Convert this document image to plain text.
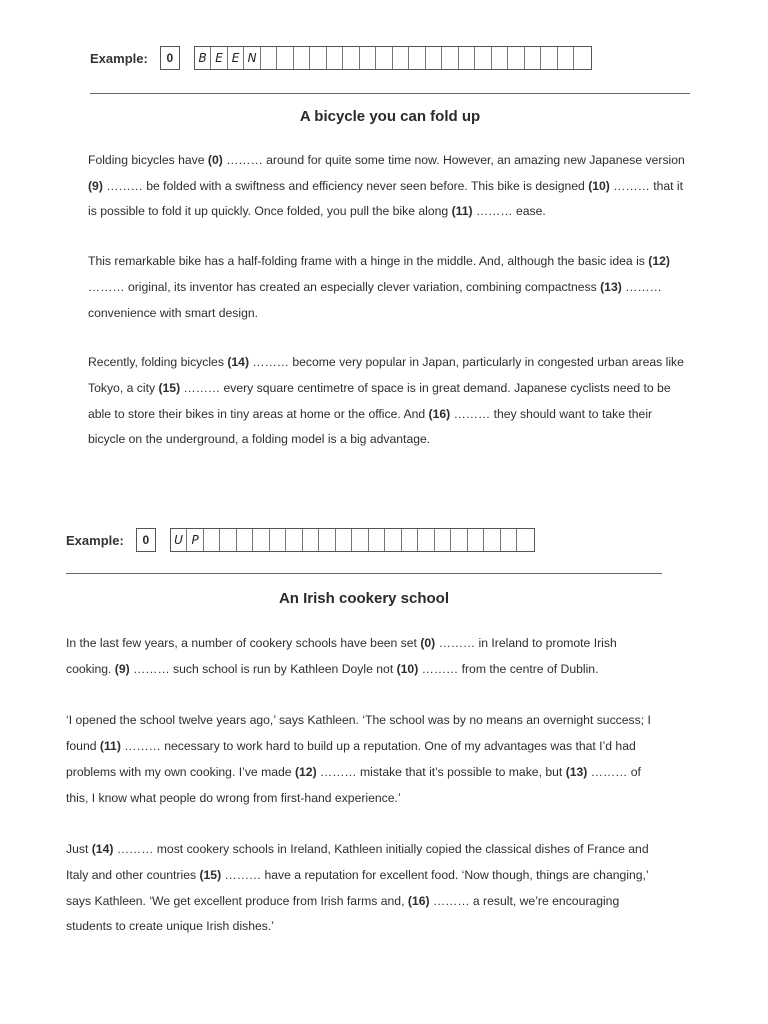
Example:	0	B E E N
A bicycle you can fold up

Folding bicycles have (0) ……… around for quite some time now. However, an amazing new Japanese version (9) ……… be folded with a swiftness and efficiency never seen before. This bike is designed (10) ……… that it is possible to fold it up quickly. Once folded, you pull the bike along (11) ……… ease.

This remarkable bike has a half-folding frame with a hinge in the middle. And, although the basic idea is (12) ……… original, its inventor has created an especially clever variation, combining compactness (13) ……… convenience with smart design.

Recently, folding bicycles (14) ……… become very popular in Japan, particularly in congested urban areas like Tokyo, a city (15) ……… every square centimetre of space is in great demand. Japanese cyclists need to be able to store their bikes in tiny areas at home or the office. And (16) ……… they should want to take their bicycle on the underground, a folding model is a big advantage.

Example:	0	U P
An Irish cookery school

In the last few years, a number of cookery schools have been set (0) ……… in Ireland to promote Irish cooking. (9) ……… such school is run by Kathleen Doyle not (10) ……… from the centre of Dublin.

‘I opened the school twelve years ago,’ says Kathleen. ‘The school was by no means an overnight success; I found (11) ……… necessary to work hard to build up a reputation. One of my advantages was that I’d had problems with my own cooking. I’ve made (12) ……… mistake that it’s possible to make, but (13) ……… of this, I know what people do wrong from first-hand experience.’

Just (14) ……… most cookery schools in Ireland, Kathleen initially copied the classical dishes of France and Italy and other countries (15) ……… have a reputation for excellent food. ‘Now though, things are changing,’ says Kathleen. ‘We get excellent produce from Irish farms and, (16) ……… a result, we’re encouraging students to create unique Irish dishes.’
